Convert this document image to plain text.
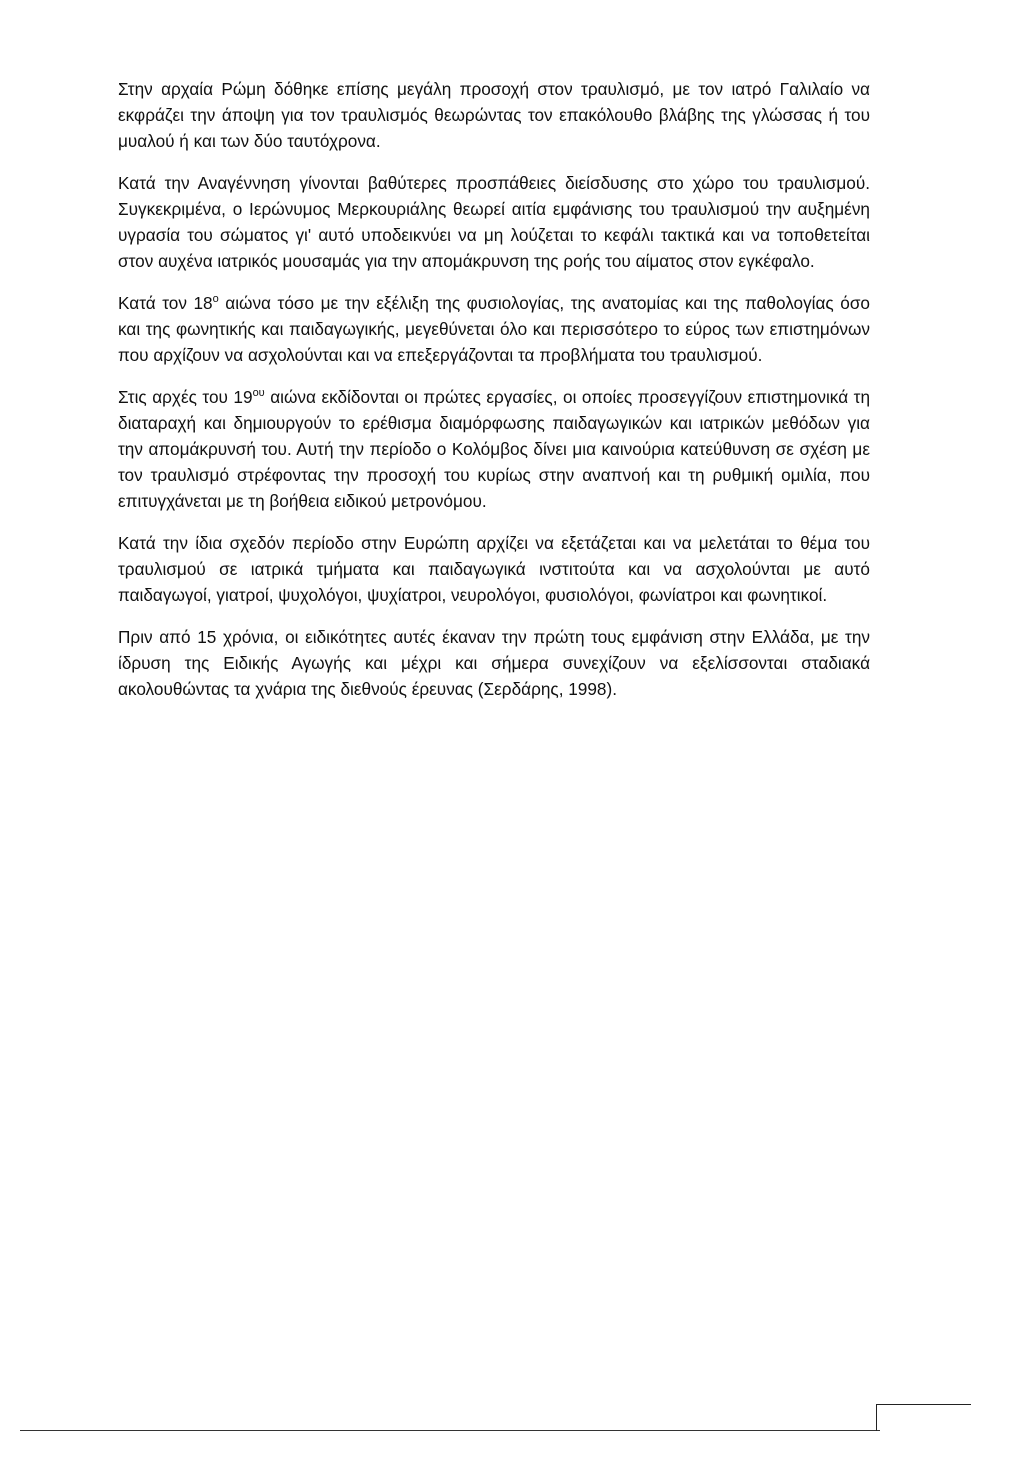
Στην αρχαία Ρώμη δόθηκε επίσης μεγάλη προσοχή στον τραυλισμό, με τον ιατρό Γαλιλαίο να εκφράζει την άποψη για τον τραυλισμός θεωρώντας τον επακόλουθο βλάβης της γλώσσας ή του μυαλού ή και των δύο ταυτόχρονα.

Κατά την Αναγέννηση γίνονται βαθύτερες προσπάθειες διείσδυσης στο χώρο του τραυλισμού. Συγκεκριμένα, ο Ιερώνυμος Μερκουριάλης θεωρεί αιτία εμφάνισης του τραυλισμού την αυξημένη υγρασία του σώματος γι' αυτό υποδεικνύει να μη λούζεται το κεφάλι τακτικά και να τοποθετείται στον αυχένα ιατρικός μουσαμάς για την απομάκρυνση της ροής του αίματος στον εγκέφαλο.

Κατά τον $18^o$ αιώνα τόσο με την εξέλιξη της φυσιολογίας, της ανατομίας και της παθολογίας όσο και της φωνητικής και παιδαγωγικής, μεγεθύνεται όλο και περισσότερο το εύρος των επιστημόνων που αρχίζουν να ασχολούνται και να επεξεργάζονται τα προβλήματα του τραυλισμού.

Στις αρχές του $19^{o\upsilon}$ αιώνα εκδίδονται οι πρώτες εργασίες, οι οποίες προσεγγίζουν επιστημονικά τη διαταραχή και δημιουργούν το ερέθισμα διαμόρφωσης παιδαγωγικών και ιατρικών μεθόδων για την απομάκρυνσή του. Αυτή την περίοδο ο Κολόμβος δίνει μια καινούρια κατεύθυνση σε σχέση με τον τραυλισμό στρέφοντας την προσοχή του κυρίως στην αναπνοή και τη ρυθμική ομιλία, που επιτυγχάνεται με τη βοήθεια ειδικού μετρονόμου.

Κατά την ίδια σχεδόν περίοδο στην Ευρώπη αρχίζει να εξετάζεται και να μελετάται το θέμα του τραυλισμού σε ιατρικά τμήματα και παιδαγωγικά ινστιτούτα και να ασχολούνται με αυτό παιδαγωγοί, γιατροί, ψυχολόγοι, ψυχίατροι, νευρολόγοι, φυσιολόγοι, φωνίατροι και φωνητικοί.

Πριν από 15 χρόνια, οι ειδικότητες αυτές έκαναν την πρώτη τους εμφάνιση στην Ελλάδα, με την ίδρυση της Ειδικής Αγωγής και μέχρι και σήμερα συνεχίζουν να εξελίσσονται σταδιακά ακολουθώντας τα χνάρια της διεθνούς έρευνας (Σερδάρης, 1998).
